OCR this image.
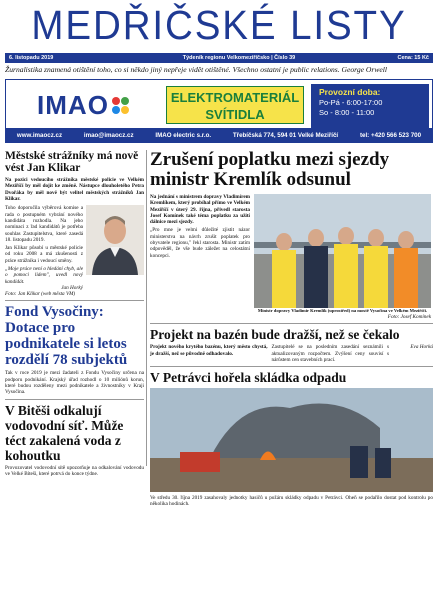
MEDŘIČSKÉ LISTY
6. listopadu 2019	Týdeník regionu Velkomeziříčsko | Číslo 39	Cena: 15 Kč
Žurnalistika znamená otištění toho, co si někdo jiný nepřeje vidět otištěné. Všechno ostatní je public relations. George Orwell
IMAO	ELEKTROMATERIÁL
SVÍTIDLA
Provozní doba:
Po-Pá - 6:00-17:00
So - 8:00 - 11:00
www.imaocz.cz	imao@imaocz.cz	IMAO electric s.r.o.	Třebíčská 774, 594 01 Velké Meziříčí	tel: +420 566 523 700
Městské strážníky má nově vést Jan Klikar

Na pozici vedoucího strážníka městské policie ve Velkém Meziříčí by měl dojít ke změně. Nástupce dlouholetého Petra Dvořáka by měl nově být velitel městských strážníků Jan Klikar.

Toho doporučila výběrová komise a rada o postupném vybrání nového kandidáta rozhodla. Na jeho nominaci z řad kandidátů je potřeba souhlas Zastupitelstva, které zasedá 18. listopadu 2019.

Jan Klikar působí u městské policie od roku 2008 a má zkušenosti z práce strážníka i vedoucí směny.

„Moje práce není o hledání chyb, ale o pomoci lidem", uvedl nový kandidát.

Jan Horký

Foto: Jan Klikar (web města VM)

Fond Vysočiny: Dotace pro podnikatele si letos rozdělí 78 subjektů

Tak v roce 2019 je mezi žadateli z Fondu Vysočiny určena na podporu podnikání. Krajský úřad rozhodl o 10 miliónů korun, které budou rozděleny mezi podnikatele a živnostníky v Kraji Vysočina.

V Bitěši odkalují vodovodní síť. Může téct zakalená voda z kohoutku

Provozovatel vodovodní sítě upozorňuje na odkalování vodovodu ve Velké Bíteši, které potrvá do konce týdne.

Zrušení poplatku mezi sjezdy ministr Kremlík odsunul

Na jednání s ministrem dopravy Vladimírem Kremlíkem, který probíhal přímo ve Velkém Meziříčí v úterý 29. října, přivedl starosta Josef Komínek také téma poplatku za užití dálnice mezi sjezdy.

„Pro mne je velmi důležité zjistit názor ministerstva na návrh zrušit poplatek pro obyvatele regionu," řekl starosta. Ministr zatím odpověděl, že vše bude záležet na celostátní koncepci.

Ministr dopravy Vladimír Kremlík (uprostřed) na mostě Vysočina ve Velkém Meziříčí.

Foto: Josef Komínek

Projekt na bazén bude dražší, než se čekalo

Projekt nového krytého bazénu, který město chystá, je dražší, než se původně odhadovalo.

Zastupitelé se na posledním zasedání seznámili s aktualizovaným rozpočtem. Zvýšení ceny souvisí s nárůstem cen stavebních prací.

Eva Horká

V Petrávci hořela skládka odpadu

Ve středu 30. října 2019 zasahovaly jednotky hasičů u požáru skládky odpadu v Petrávci. Oheň se podařilo dostat pod kontrolu po několika hodinách.
